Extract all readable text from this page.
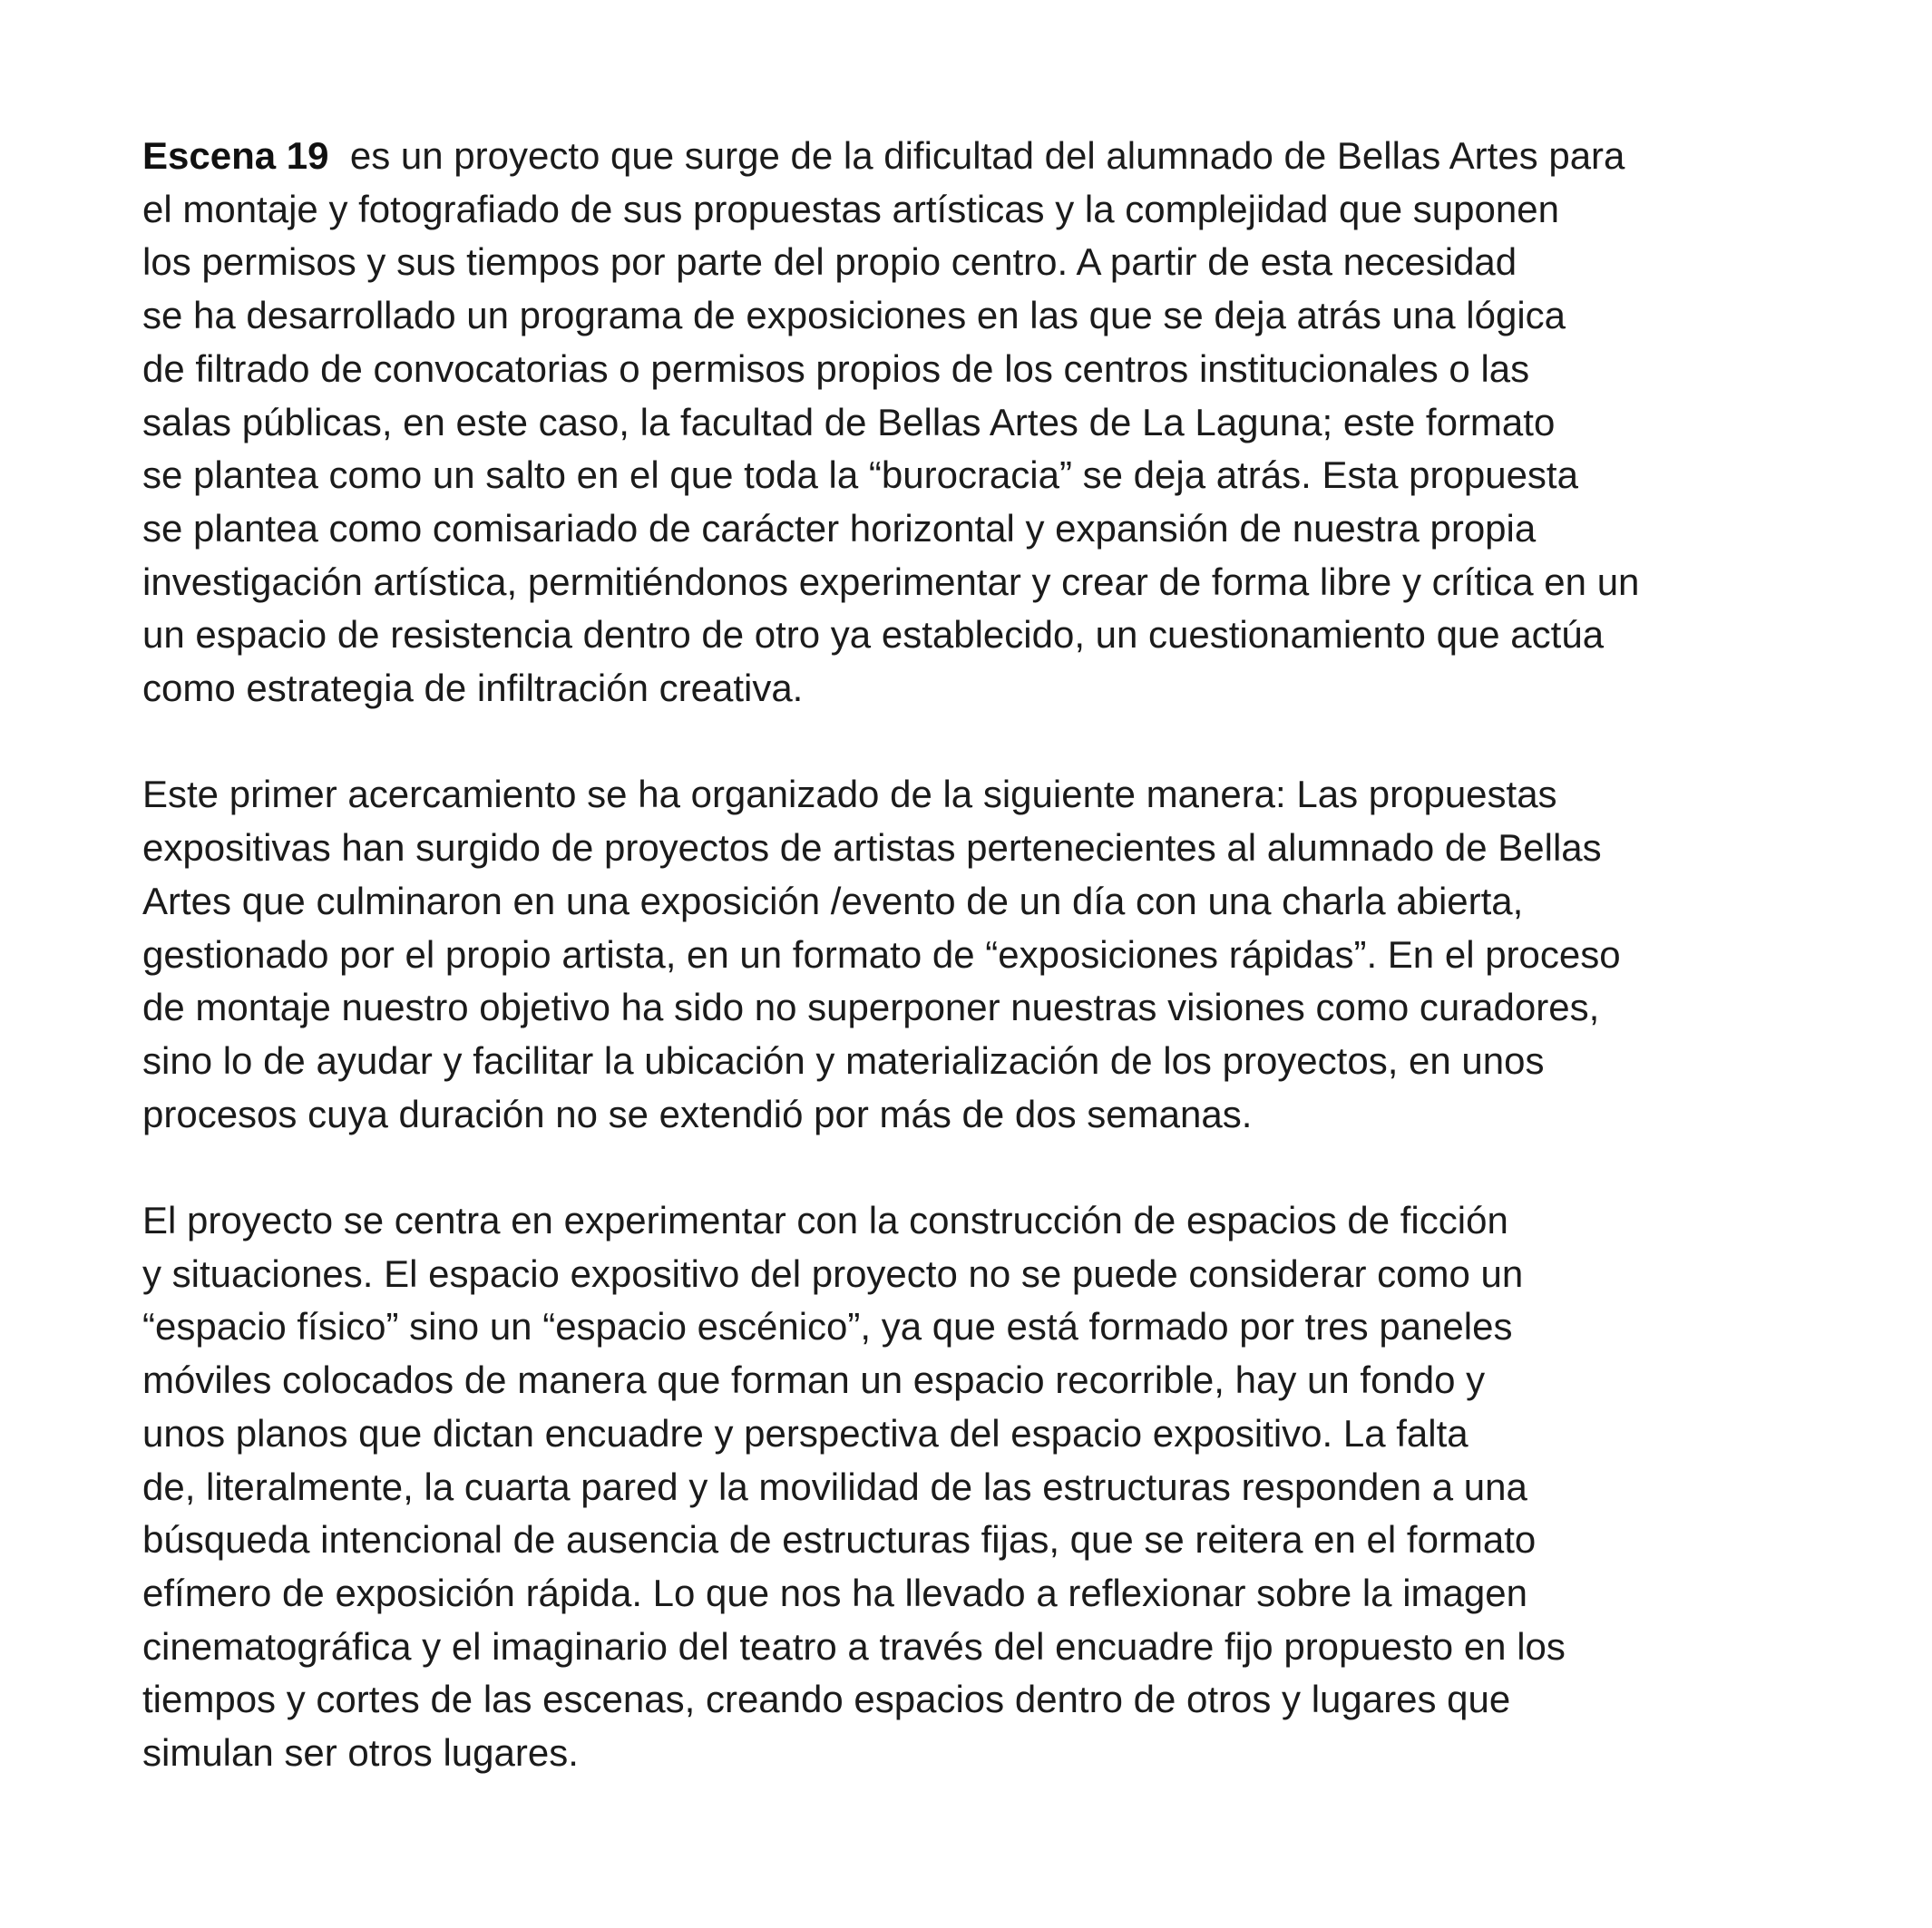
Escena 19  es un proyecto que surge de la dificultad del alumnado de Bellas Artes para
el montaje y fotografiado de sus propuestas artísticas y la complejidad que suponen
los permisos y sus tiempos por parte del propio centro. A partir de esta necesidad
se ha desarrollado un programa de exposiciones en las que se deja atrás una lógica
de filtrado de convocatorias o permisos propios de los centros institucionales o las
salas públicas, en este caso, la facultad de Bellas Artes de La Laguna; este formato
se plantea como un salto en el que toda la “burocracia” se deja atrás. Esta propuesta
se plantea como comisariado de carácter horizontal y expansión de nuestra propia
investigación artística, permitiéndonos experimentar y crear de forma libre y crítica en un
un espacio de resistencia dentro de otro ya establecido, un cuestionamiento que actúa
como estrategia de infiltración creativa.

Este primer acercamiento se ha organizado de la siguiente manera: Las propuestas
expositivas han surgido de proyectos de artistas pertenecientes al alumnado de Bellas
Artes que culminaron en una exposición /evento de un día con una charla abierta,
gestionado por el propio artista, en un formato de “exposiciones rápidas”. En el proceso
de montaje nuestro objetivo ha sido no superponer nuestras visiones como curadores,
sino lo de ayudar y facilitar la ubicación y materialización de los proyectos, en unos
procesos cuya duración no se extendió por más de dos semanas.

El proyecto se centra en experimentar con la construcción de espacios de ficción
y situaciones. El espacio expositivo del proyecto no se puede considerar como un
“espacio físico” sino un “espacio escénico”, ya que está formado por tres paneles
móviles colocados de manera que forman un espacio recorrible, hay un fondo y
unos planos que dictan encuadre y perspectiva del espacio expositivo. La falta
de, literalmente, la cuarta pared y la movilidad de las estructuras responden a una
búsqueda intencional de ausencia de estructuras fijas, que se reitera en el formato
efímero de exposición rápida. Lo que nos ha llevado a reflexionar sobre la imagen
cinematográfica y el imaginario del teatro a través del encuadre fijo propuesto en los
tiempos y cortes de las escenas, creando espacios dentro de otros y lugares que
simulan ser otros lugares.
